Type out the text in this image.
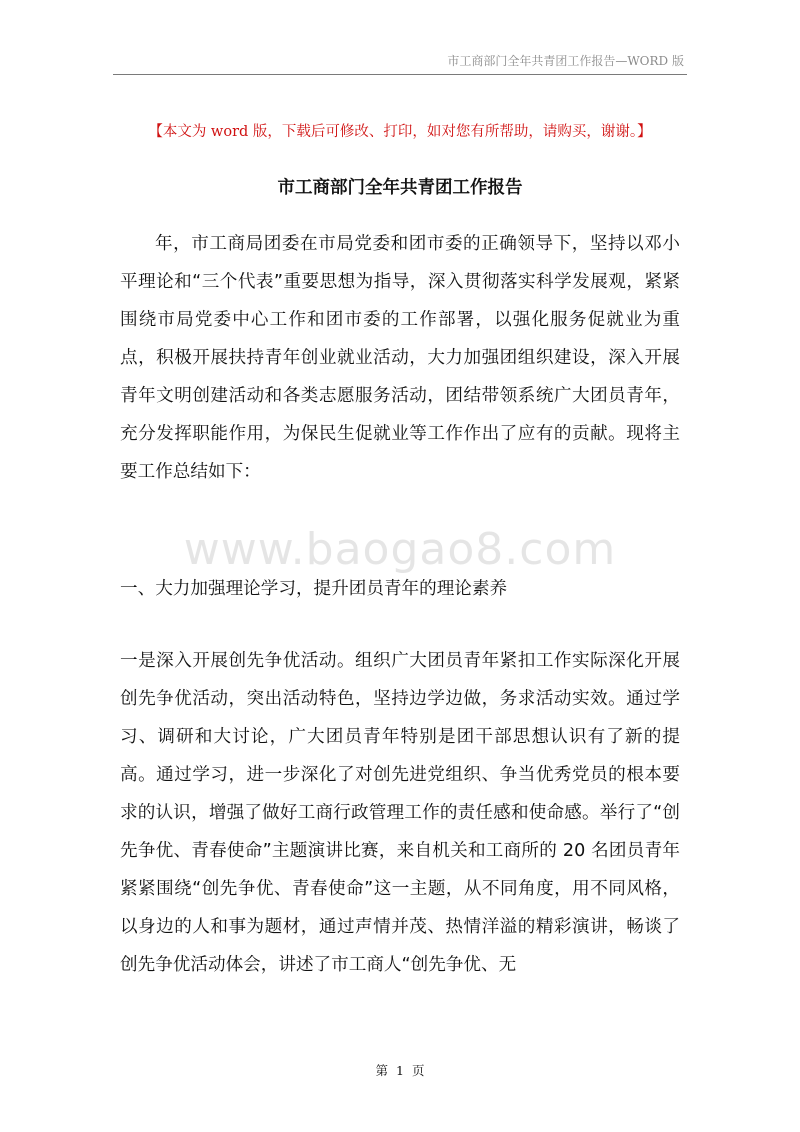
市工商部门全年共青团工作报告—WORD 版
【本文为 word 版，下载后可修改、打印，如对您有所帮助，请购买，谢谢。】
市工商部门全年共青团工作报告

年，市工商局团委在市局党委和团市委的正确领导下，坚持以邓小平理论和“三个代表”重要思想为指导，深入贯彻落实科学发展观，紧紧围绕市局党委中心工作和团市委的工作部署，以强化服务促就业为重点，积极开展扶持青年创业就业活动，大力加强团组织建设，深入开展青年文明创建活动和各类志愿服务活动，团结带领系统广大团员青年，充分发挥职能作用，为保民生促就业等工作作出了应有的贡献。现将主要工作总结如下：

www.baogao8.com

一、大力加强理论学习，提升团员青年的理论素养

一是深入开展创先争优活动。组织广大团员青年紧扣工作实际深化开展创先争优活动，突出活动特色，坚持边学边做，务求活动实效。通过学习、调研和大讨论，广大团员青年特别是团干部思想认识有了新的提高。通过学习，进一步深化了对创先进党组织、争当优秀党员的根本要求的认识，增强了做好工商行政管理工作的责任感和使命感。举行了“创先争优、青春使命”主题演讲比赛，来自机关和工商所的 20 名团员青年紧紧围绕“创先争优、青春使命”这一主题，从不同角度，用不同风格，以身边的人和事为题材，通过声情并茂、热情洋溢的精彩演讲，畅谈了创先争优活动体会，讲述了市工商人“创先争优、无

第 1 页
